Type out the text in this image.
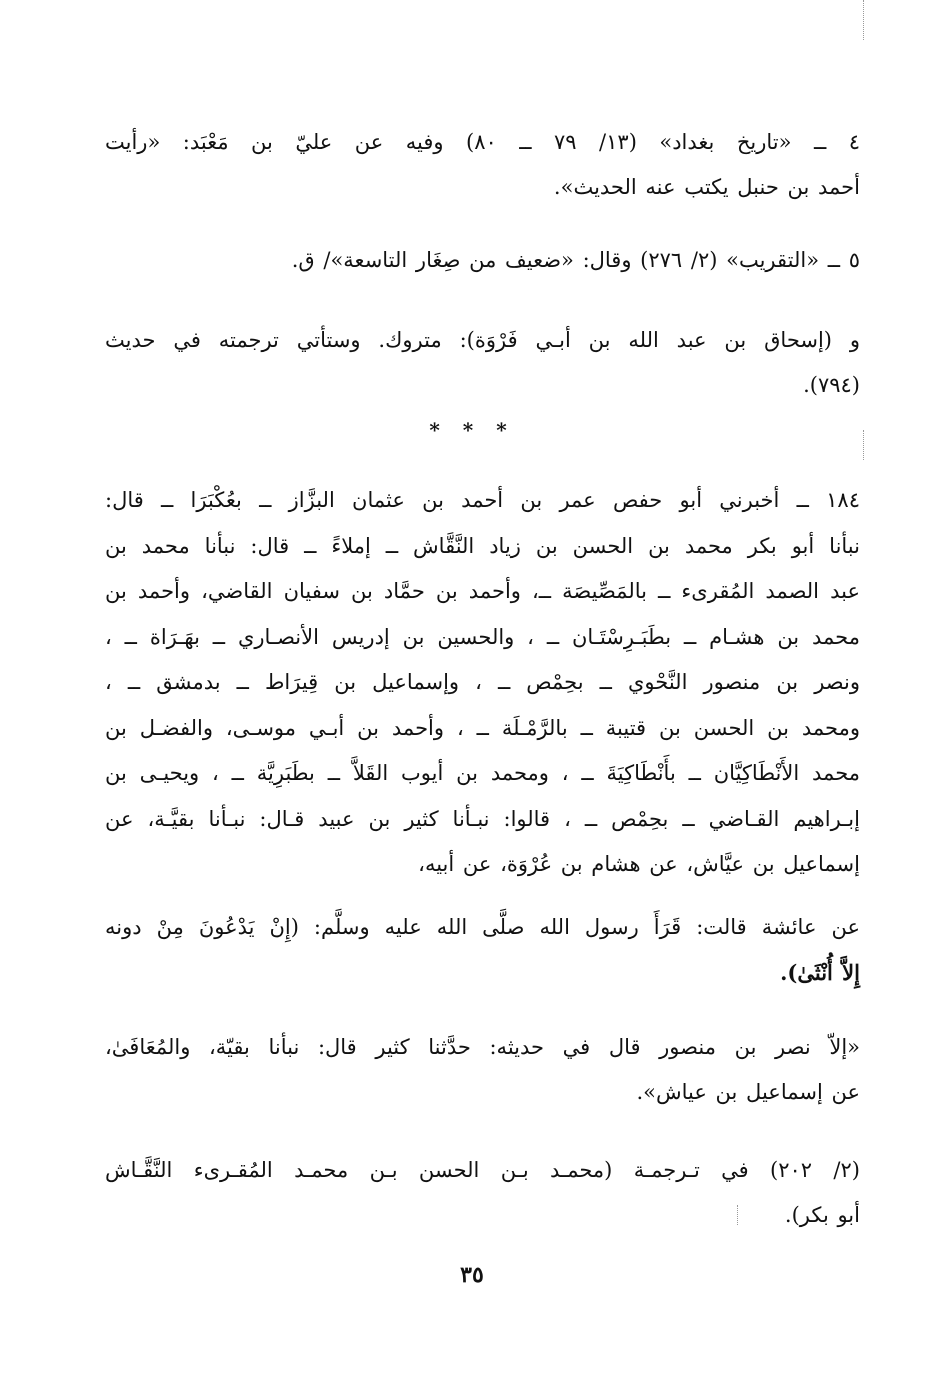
٤ ــ «تاريخ بغداد» (١٣/ ٧٩ ــ ٨٠) وفيه عن عليّ بن مَعْبَد: «رأيت
أحمد بن حنبل يكتب عنه الحديث».
٥ ــ «التقريب» (٢/ ٢٧٦) وقال: «ضعيف من صِغَار التاسعة»/ ق.
و (إسحاق بن عبد الله بن أبـي فَرْوَة): متروك. وستأتي ترجمته في حديث
(٧٩٤).
* * *
١٨٤ ــ أخبرني أبو حفص عمر بن أحمد بن عثمان البزَّاز ــ بعُكْبَرَا ــ قال:
نبأنا أبو بكر محمد بن الحسن بن زياد النَّقَّاش ــ إملاءً ــ قال: نبأنا محمد بن
عبد الصمد المُقرىء ــ بالمَصِّيصَة ــ، وأحمد بن حمَّاد بن سفيان القاضي، وأحمد بن
محمد بن هشـام ــ بطَبَـرِسْتَـان ــ ، والحسين بن إدريس الأنصـاري ــ بهَـرَاة ــ ،
ونصر بن منصور النَّحْوي ــ بحِمْص ــ ، وإسماعيل بن قِيرَاط ــ بدمشق ــ ،
ومحمد بن الحسن بن قتيبة ــ بالرَّمْـلَة ــ ، وأحمد بن أبـي موسـى، والفضـل بن
محمد الأَنْطَاكِيَّان ــ بأَنْطَاكِيَةَ ــ ، ومحمد بن أيوب القَلاَّ ــ بطَبَرِيَّة ــ ، ويحيـى بن
إبـراهيم القـاضي ــ بحِمْص ــ ، قالوا: نبـأنا كثير بن عبيد قـال: نبـأنا بقيَّـة، عن
إسماعيل بن عيَّاش، عن هشام بن عُرْوَة، عن أبيه،
عن عائشة قالت: قَرَأَ رسول الله صلَّى الله عليه وسلَّم: (إِنْ يَدْعُونَ مِنْ دونه
إِلاَّ أُنْثَىٰ).
«إلاّ نصر بن منصور قال في حديثه: حدَّثنا كثير قال: نبأنا بقيّة، والمُعَافَىٰ،
عن إسماعيل بن عياش».
(٢/ ٢٠٢) في تـرجمـة (محمـد بـن الحسن بـن محمـد المُقـرىء النَّقَّـاش
أبو بكر).
٣٥
